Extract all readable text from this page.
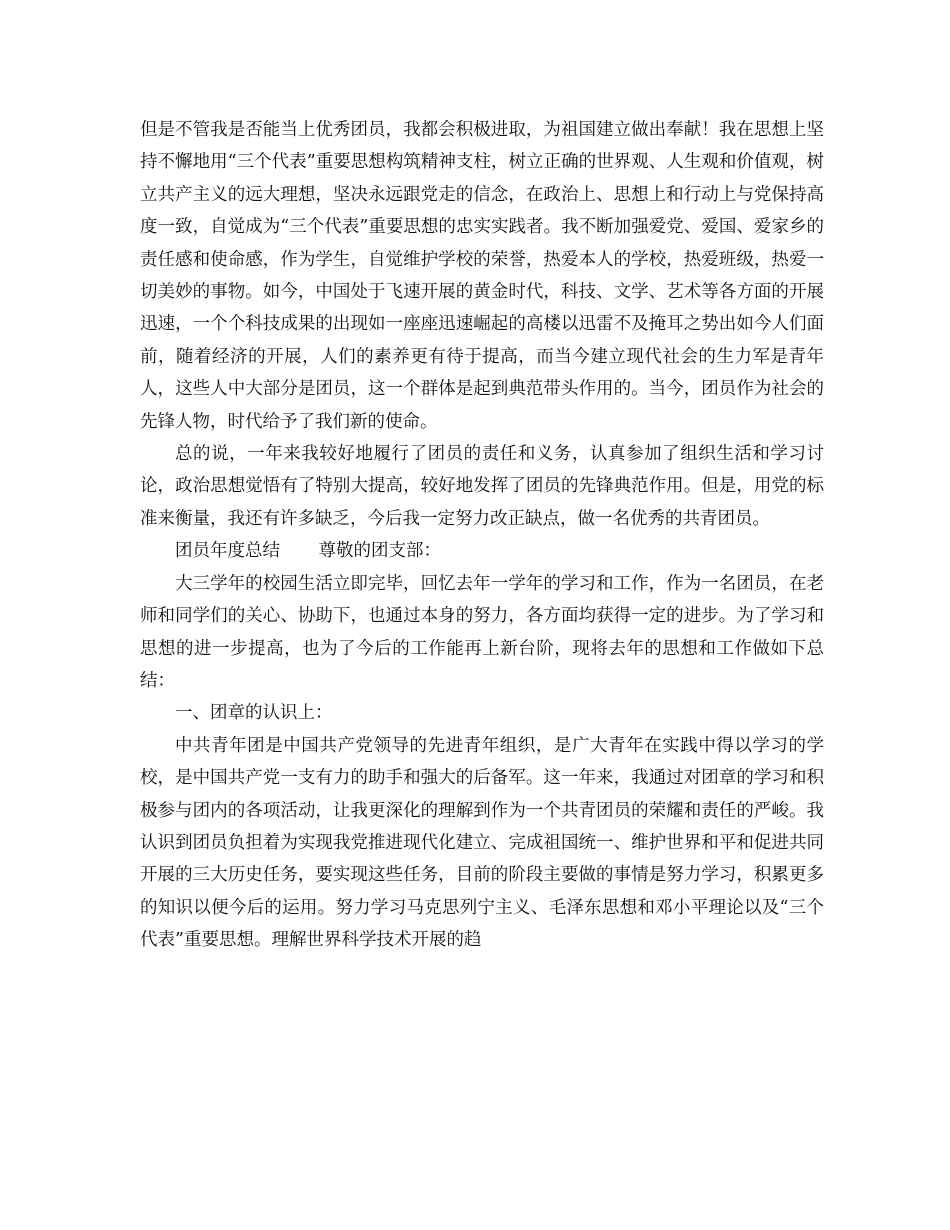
但是不管我是否能当上优秀团员，我都会积极进取，为祖国建立做出奉献！我在思想上坚持不懈地用“三个代表”重要思想构筑精神支柱，树立正确的世界观、人生观和价值观，树立共产主义的远大理想，坚决永远跟党走的信念，在政治上、思想上和行动上与党保持高度一致，自觉成为“三个代表”重要思想的忠实实践者。我不断加强爱党、爱国、爱家乡的责任感和使命感，作为学生，自觉维护学校的荣誉，热爱本人的学校，热爱班级，热爱一切美妙的事物。如今，中国处于飞速开展的黄金时代，科技、文学、艺术等各方面的开展迅速，一个个科技成果的出现如一座座迅速崛起的高楼以迅雷不及掩耳之势出如今人们面前，随着经济的开展，人们的素养更有待于提高，而当今建立现代社会的生力军是青年人，这些人中大部分是团员，这一个群体是起到典范带头作用的。当今，团员作为社会的先锋人物，时代给予了我们新的使命。

总的说，一年来我较好地履行了团员的责任和义务，认真参加了组织生活和学习讨论，政治思想觉悟有了特别大提高，较好地发挥了团员的先锋典范作用。但是，用党的标准来衡量，我还有许多缺乏，今后我一定努力改正缺点，做一名优秀的共青团员。

团员年度总结 尊敬的团支部：

大三学年的校园生活立即完毕，回忆去年一学年的学习和工作，作为一名团员，在老师和同学们的关心、协助下，也通过本身的努力，各方面均获得一定的进步。为了学习和思想的进一步提高，也为了今后的工作能再上新台阶，现将去年的思想和工作做如下总结：

一、团章的认识上：

中共青年团是中国共产党领导的先进青年组织，是广大青年在实践中得以学习的学校，是中国共产党一支有力的助手和强大的后备军。这一年来，我通过对团章的学习和积极参与团内的各项活动，让我更深化的理解到作为一个共青团员的荣耀和责任的严峻。我认识到团员负担着为实现我党推进现代化建立、完成祖国统一、维护世界和平和促进共同开展的三大历史任务，要实现这些任务，目前的阶段主要做的事情是努力学习，积累更多的知识以便今后的运用。努力学习马克思列宁主义、毛泽东思想和邓小平理论以及“三个代表”重要思想。理解世界科学技术开展的趋
